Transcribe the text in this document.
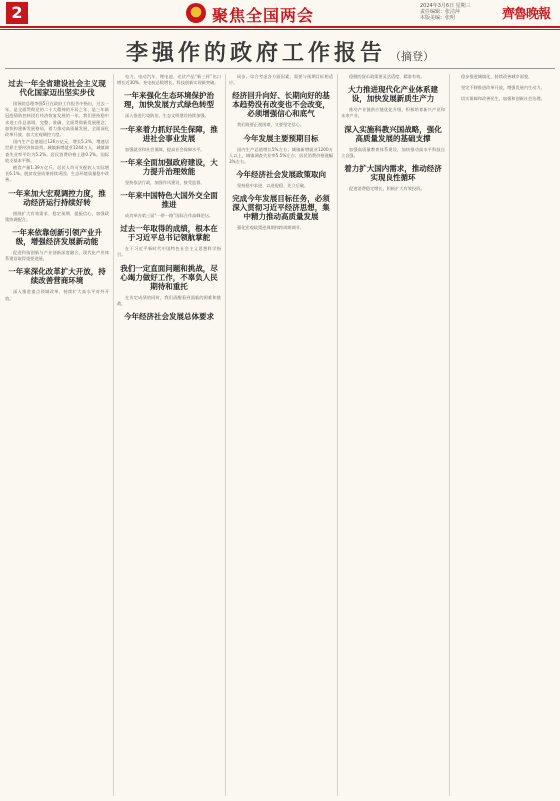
2	聚焦全国两会	2024年3月6日 星期三
责任编辑：张洁萍
本版美编：张明	齊魯晚報
李强作的政府工作报告 （摘登）
过去一年全省建设社会主义现代化国家迈出坚实步伐

国务院总理李强5日在政府工作报告中指出，过去一年，是全面贯彻党的二十大精神的开局之年，是三年新冠疫情防控转段后经济恢复发展的一年。我们坚持稳中求进工作总基调，完整、准确、全面贯彻新发展理念，加快构建新发展格局，着力推动高质量发展，全面深化改革开放，加大宏观调控力度。

国内生产总值超过126万亿元，增长5.2%，增速居世界主要经济体前列。城镇新增就业1244万人，城镇调查失业率平均为5.2%。居民消费价格上涨0.2%。国际收支基本平衡。

粮食产量1.39万亿斤。居民人均可支配收入实际增长6.1%。脱贫攻坚成果持续巩固。生态环境质量稳中改善。

一年来加大宏观调控力度，推动经济运行持续好转

围绕扩大有效需求、稳定预期、提振信心，加强政策协调配合。

一年来依靠创新引领产业升级，增强经济发展新动能

促进科技创新与产业创新深度融合，现代化产业体系建设取得重要进展。

一年来深化改革扩大开放，持续改善营商环境

深入推进重点领域改革，持续扩大高水平对外开放。

电力、电动汽车、锂电池、光伏产品“新三样”出口增长近30%。充电桩总数增长。科技创新实现新突破。

一年来强化生态环境保护治理，加快发展方式绿色转型

深入推进污染防治，生态文明建设持续加强。

一年来着力抓好民生保障，推进社会事业发展

加强就业和社会保障，提高社会保障水平。

一年来全面加强政府建设，大力提升治理效能

坚持依法行政，加强作风建设，接受监督。

一年来中国特色大国外交全面推进

成功举办第三届“一带一路”国际合作高峰论坛。

过去一年取得的成绩，根本在于习近平总书记领航掌舵

在于习近平新时代中国特色社会主义思想科学指引。

我们一定直面问题和挑战，尽心竭力做好工作，不辜负人民期待和重托

在肯定成绩的同时，我们清醒看到面临的困难和挑战。

今年经济社会发展总体要求

同步。综合考虑各方面因素，需要与预期目标相适应。

经济回升向好、长期向好的基本趋势没有改变也不会改变，必须增强信心和底气

我们既要正视困难，又要坚定信心。

今年发展主要预期目标

国内生产总值增长5%左右；城镇新增就业1200万人以上，城镇调查失业率5.5%左右；居民消费价格涨幅3%左右。

今年经济社会发展政策取向

坚持稳中求进、以进促稳、先立后破。

完成今年发展目标任务，必须深入贯彻习近平经济思想，集中精力推动高质量发展

强化宏观政策逆周期和跨周期调节。

稳健的货币政策要灵活适度、精准有效。

大力推进现代化产业体系建设，加快发展新质生产力

推动产业链供应链优化升级，积极培育新兴产业和未来产业。

深入实施科教兴国战略，强化高质量发展的基础支撑

加强高质量教育体系建设，加快推动高水平科技自立自强。

着力扩大国内需求，推动经济实现良性循环

促进消费稳定增长，积极扩大有效投资。

稳步推进城镇化，持续改善城乡面貌。

坚定不移推进改革开放，增强发展内生动力。

切实保障和改善民生，加强和创新社会治理。
